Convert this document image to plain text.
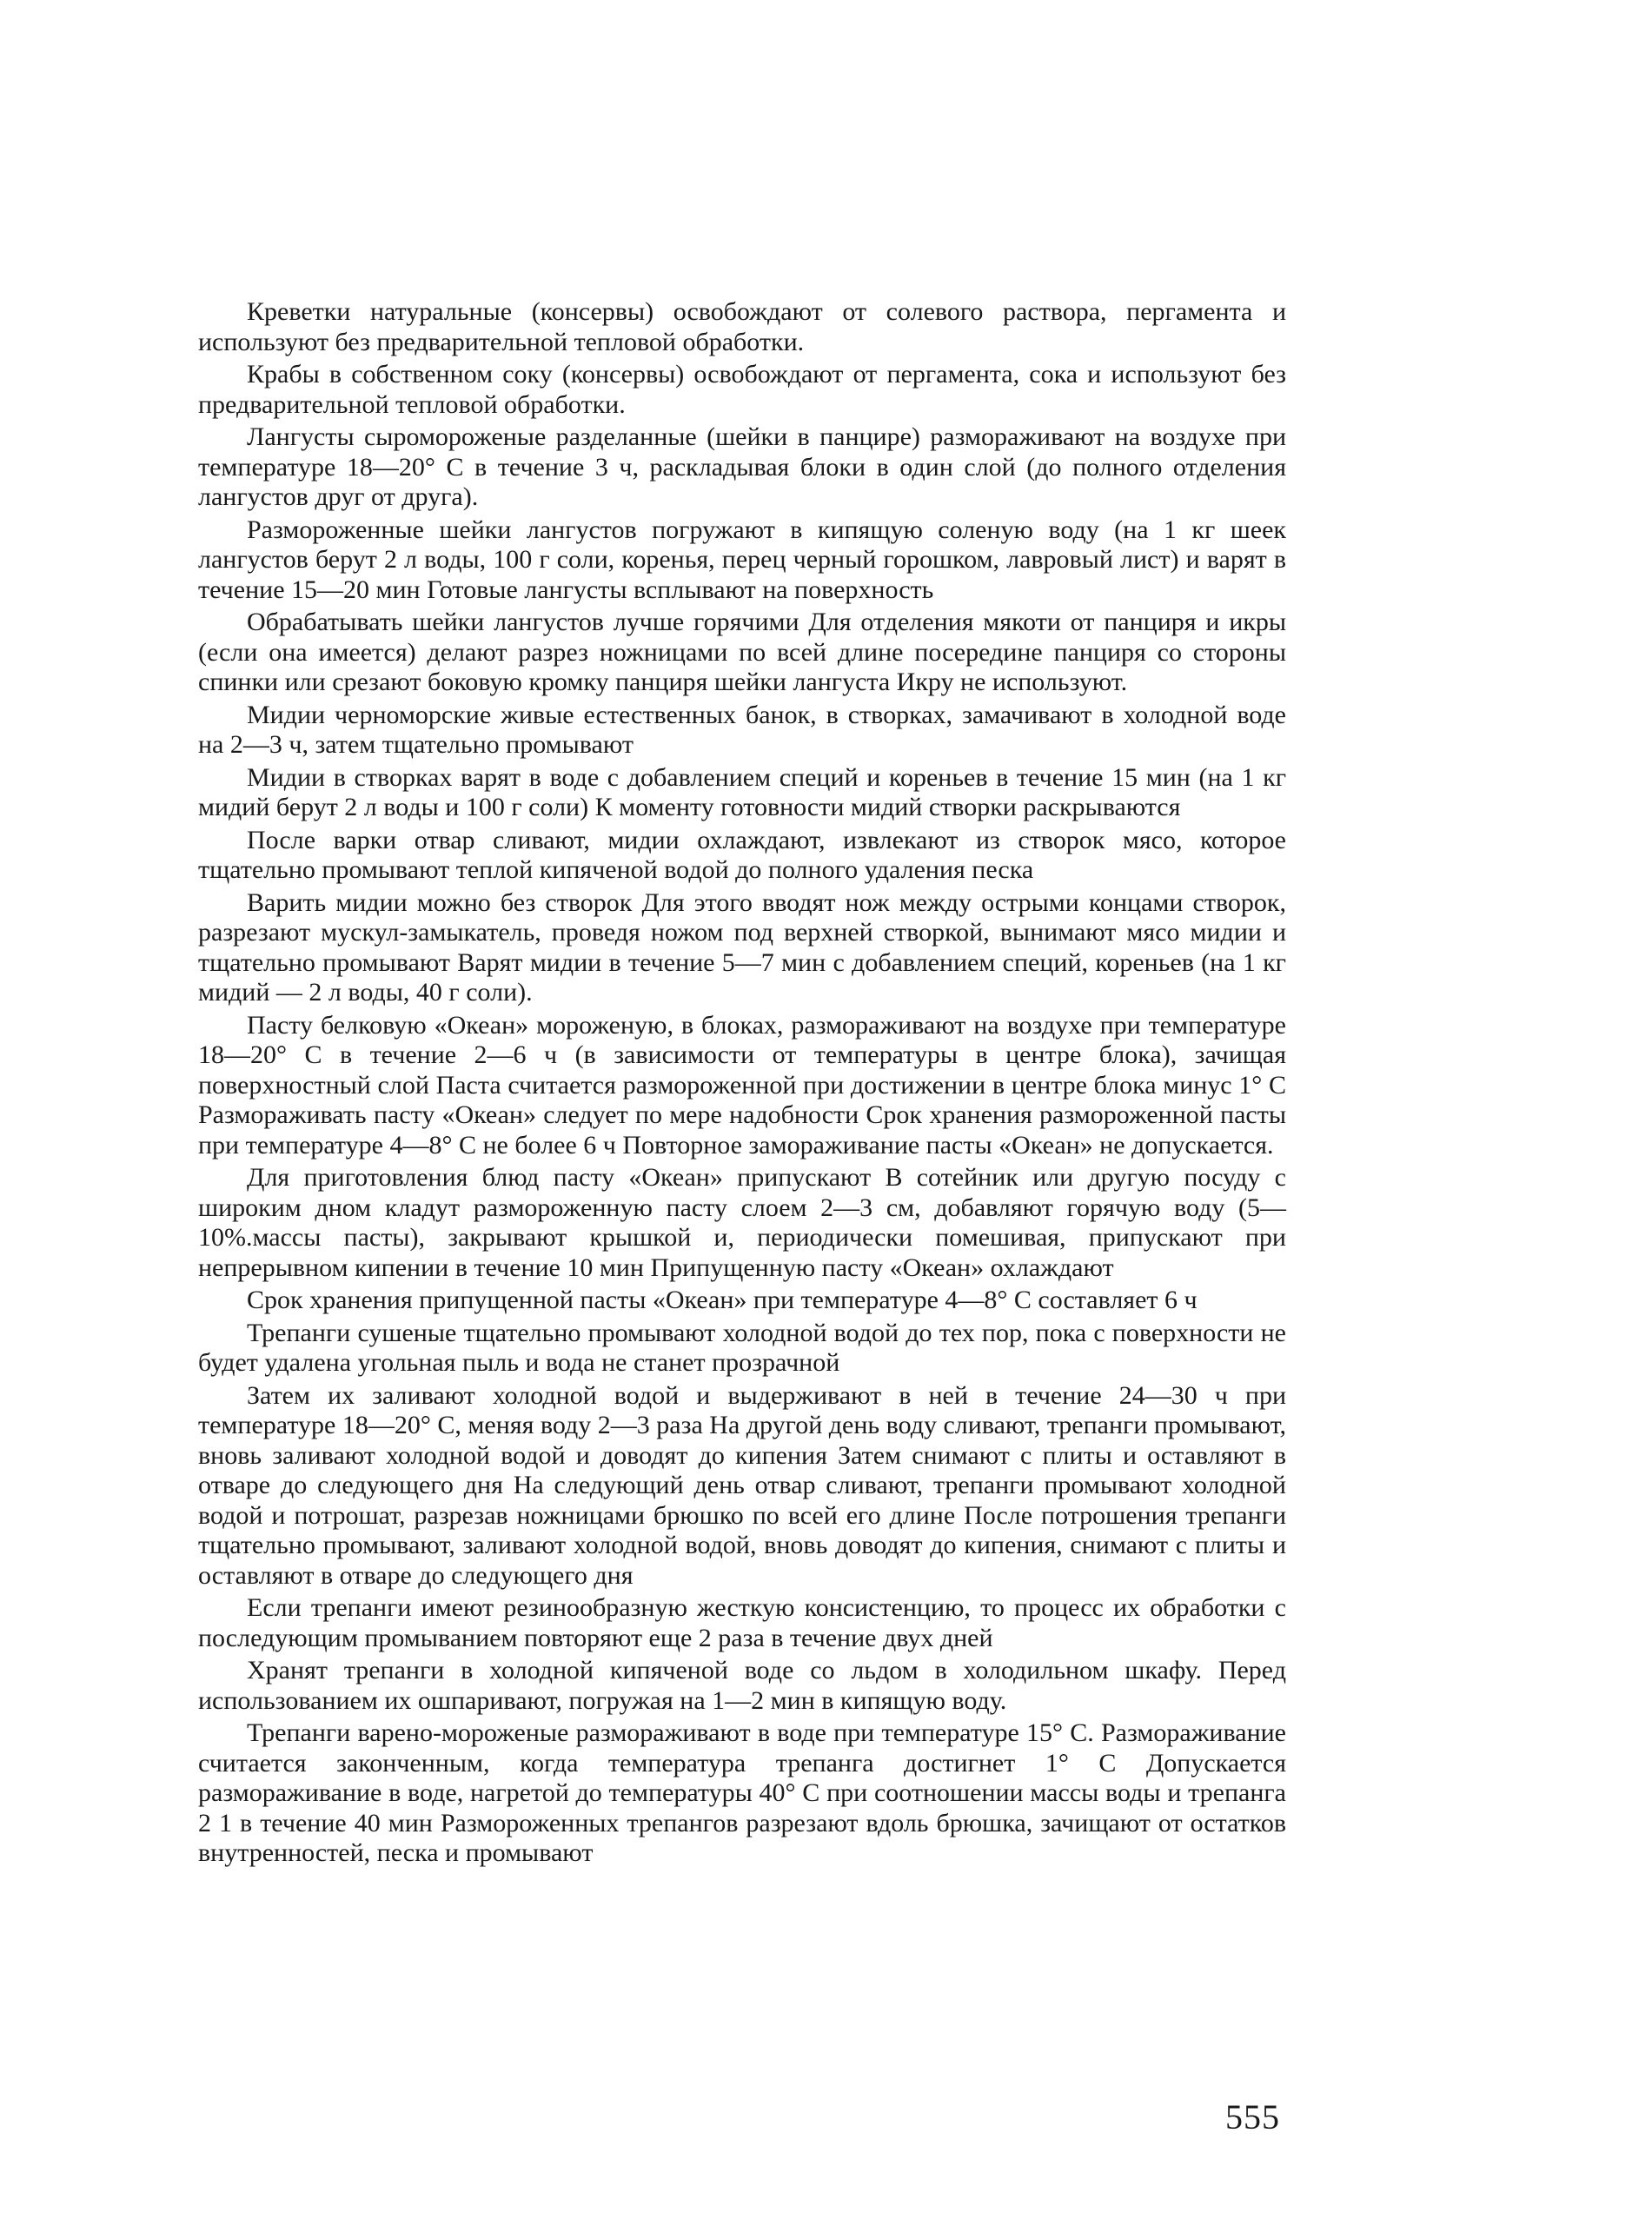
Креветки натуральные (консервы) освобождают от солевого раствора, пергамента и используют без предварительной тепловой обработки.

Крабы в собственном соку (консервы) освобождают от пергамента, сока и используют без предварительной тепловой обработки.

Лангусты сыромороженые разделанные (шейки в панцире) размораживают на воздухе при температуре 18—20° С в течение 3 ч, раскладывая блоки в один слой (до полного отделения лангустов друг от друга).

Размороженные шейки лангустов погружают в кипящую соленую воду (на 1 кг шеек лангустов берут 2 л воды, 100 г соли, коренья, перец черный горошком, лавровый лист) и варят в течение 15—20 мин Готовые лангусты всплывают на поверхность

Обрабатывать шейки лангустов лучше горячими Для отделения мякоти от панциря и икры (если она имеется) делают разрез ножницами по всей длине посередине панциря со стороны спинки или срезают боковую кромку панциря шейки лангуста Икру не используют.

Мидии черноморские живые естественных банок, в створках, замачивают в холодной воде на 2—3 ч, затем тщательно промывают

Мидии в створках варят в воде с добавлением специй и кореньев в течение 15 мин (на 1 кг мидий берут 2 л воды и 100 г соли) К моменту готовности мидий створки раскрываются

После варки отвар сливают, мидии охлаждают, извлекают из створок мясо, которое тщательно промывают теплой кипяченой водой до полного удаления песка

Варить мидии можно без створок Для этого вводят нож между острыми концами створок, разрезают мускул-замыкатель, проведя ножом под верхней створкой, вынимают мясо мидии и тщательно промывают Варят мидии в течение 5—7 мин с добавлением специй, кореньев (на 1 кг мидий — 2 л воды, 40 г соли).

Пасту белковую «Океан» мороженую, в блоках, размораживают на воздухе при температуре 18—20° С в течение 2—6 ч (в зависимости от температуры в центре блока), зачищая поверхностный слой Паста считается размороженной при достижении в центре блока минус 1° С Размораживать пасту «Океан» следует по мере надобности Срок хранения размороженной пасты при температуре 4—8° С не более 6 ч Повторное замораживание пасты «Океан» не допускается.

Для приготовления блюд пасту «Океан» припускают В сотейник или другую посуду с широким дном кладут размороженную пасту слоем 2—3 см, добавляют горячую воду (5—10%.массы пасты), закрывают крышкой и, периодически помешивая, припускают при непрерывном кипении в течение 10 мин Припущенную пасту «Океан» охлаждают

Срок хранения припущенной пасты «Океан» при температуре 4—8° С составляет 6 ч

Трепанги сушеные тщательно промывают холодной водой до тех пор, пока с поверхности не будет удалена угольная пыль и вода не станет прозрачной

Затем их заливают холодной водой и выдерживают в ней в течение 24—30 ч при температуре 18—20° С, меняя воду 2—3 раза На другой день воду сливают, трепанги промывают, вновь заливают холодной водой и доводят до кипения Затем снимают с плиты и оставляют в отваре до следующего дня На следующий день отвар сливают, трепанги промывают холодной водой и потрошат, разрезав ножницами брюшко по всей его длине После потрошения трепанги тщательно промывают, заливают холодной водой, вновь доводят до кипения, снимают с плиты и оставляют в отваре до следующего дня

Если трепанги имеют резинообразную жесткую консистенцию, то процесс их обработки с последующим промыванием повторяют еще 2 раза в течение двух дней

Хранят трепанги в холодной кипяченой воде со льдом в холодильном шкафу. Перед использованием их ошпаривают, погружая на 1—2 мин в кипящую воду.

Трепанги варено-мороженые размораживают в воде при температуре 15° С. Размораживание считается законченным, когда температура трепанга достигнет 1° С Допускается размораживание в воде, нагретой до температуры 40° С при соотношении массы воды и трепанга 2 1 в течение 40 мин Размороженных трепангов разрезают вдоль брюшка, зачищают от остатков внутренностей, песка и промывают

555
